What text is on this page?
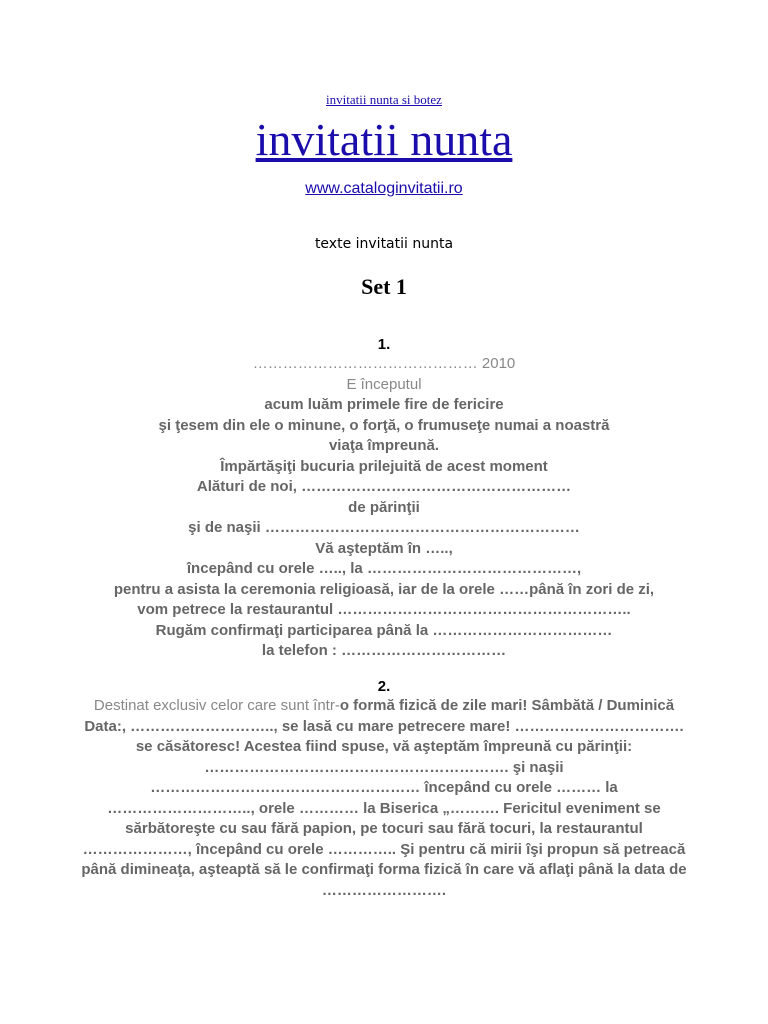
invitatii nunta si botez
invitatii nunta
www.cataloginvitatii.ro
texte invitatii nunta
Set 1
1.
……………………………………… 2010
E începutul
acum luăm primele fire de fericire
şi ţesem din ele o minune, o forţă, o frumuseţe numai a noastră
viaţa împreună.
Împărtăşiţi bucuria prilejuită de acest moment
Alături de noi, ………………………………………………
de părinţii
şi de naşii ………………………………………………………
Vă aşteptăm în …..,
începând cu orele ….., la ……………………………………,
pentru a asista la ceremonia religioasă, iar de la orele ……până în zori de zi,
vom petrece la restaurantul …………………………………………………..
Rugăm confirmaţi participarea până la ………………………………
la telefon : ……………………………
2.
Destinat exclusiv celor care sunt într-o formă fizică de zile mari! Sâmbătă / Duminică Data:, ……………………….., se lasă cu mare petrecere mare! ……………………………. se căsătoresc! Acestea fiind spuse, vă aşteptăm împreună cu părinţii: ……………………………………………………. şi naşii ……………………………………………… începând cu orele ……… la ……………………….., orele ………… la Biserica „………. Fericitul eveniment se sărbătoreşte cu sau fără papion, pe tocuri sau fără tocuri, la restaurantul …………………, începând cu orele ………….. Şi pentru că mirii îşi propun să petreacă până dimineaţa, aşteaptă să le confirmaţi forma fizică în care vă aflaţi până la data de …………………….
